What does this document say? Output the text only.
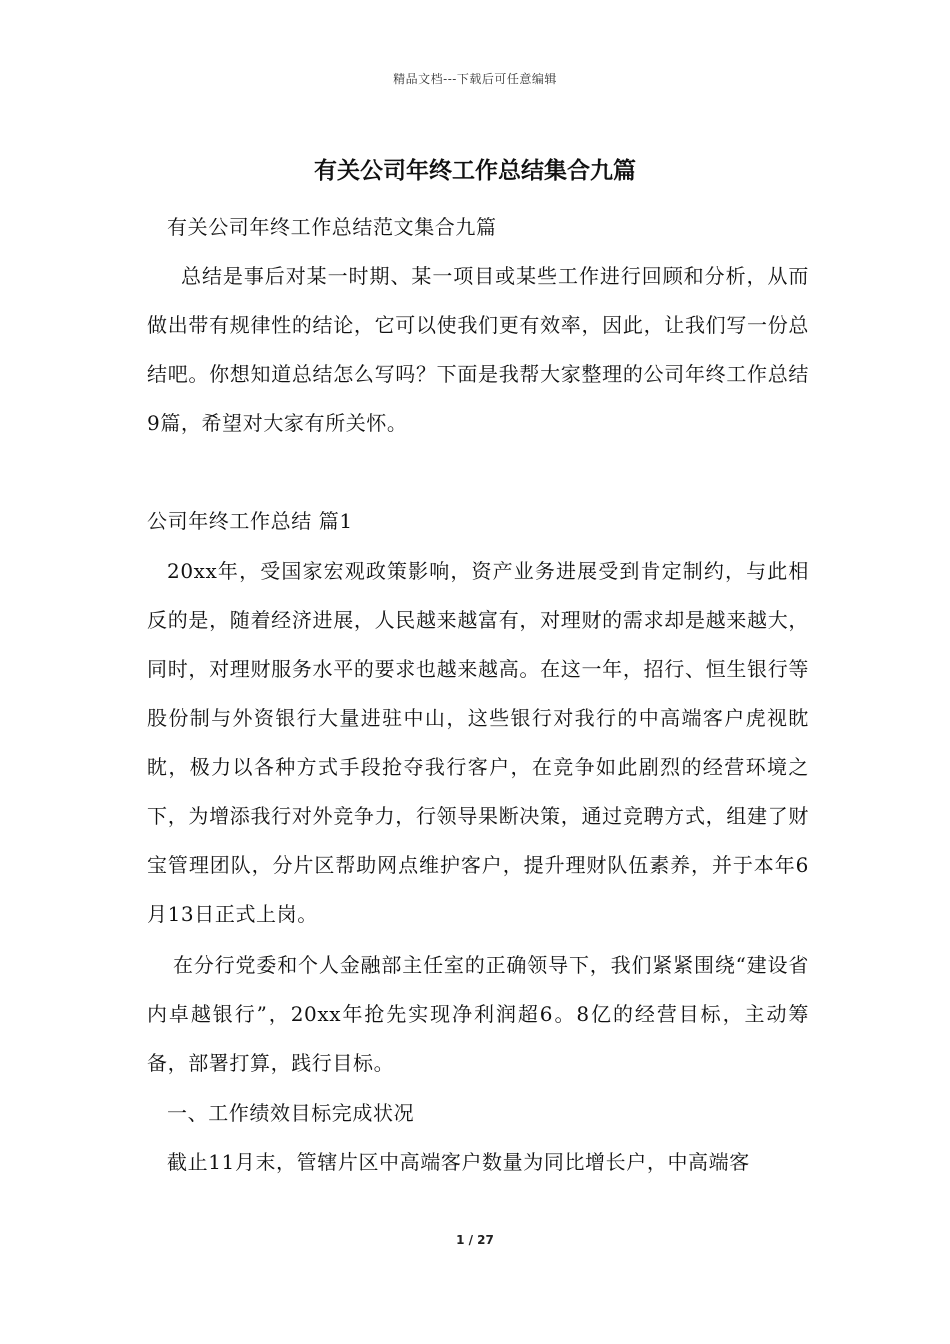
精品文档---下载后可任意编辑
有关公司年终工作总结集合九篇
有关公司年终工作总结范文集合九篇
总结是事后对某一时期、某一项目或某些工作进行回顾和分析，从而做出带有规律性的结论，它可以使我们更有效率，因此，让我们写一份总结吧。你想知道总结怎么写吗？下面是我帮大家整理的公司年终工作总结9篇，希望对大家有所关怀。
公司年终工作总结 篇1
20xx年，受国家宏观政策影响，资产业务进展受到肯定制约，与此相反的是，随着经济进展，人民越来越富有，对理财的需求却是越来越大，同时，对理财服务水平的要求也越来越高。在这一年，招行、恒生银行等股份制与外资银行大量进驻中山，这些银行对我行的中高端客户虎视眈眈，极力以各种方式手段抢夺我行客户，在竞争如此剧烈的经营环境之下，为增添我行对外竞争力，行领导果断决策，通过竞聘方式，组建了财宝管理团队，分片区帮助网点维护客户，提升理财队伍素养，并于本年6月13日正式上岗。
在分行党委和个人金融部主任室的正确领导下，我们紧紧围绕“建设省内卓越银行”，20xx年抢先实现净利润超6。8亿的经营目标，主动筹备，部署打算，践行目标。
一、工作绩效目标完成状况
截止11月末，管辖片区中高端客户数量为同比增长户，中高端客
1 / 27
